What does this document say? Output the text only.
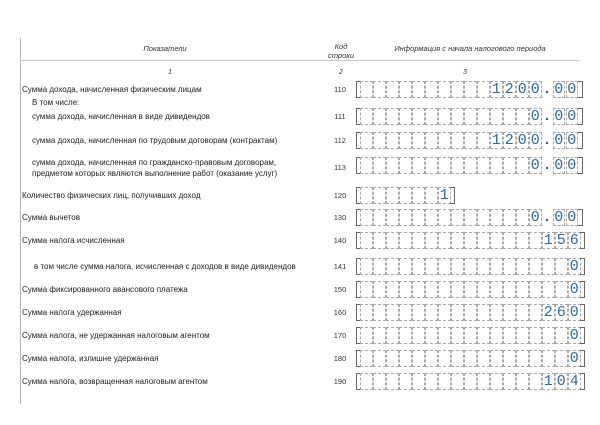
Показатели	Код строки
Информация с начала налогового периода
1	2	3
Сумма дохода, начисленная физическим лицам	110	1 2 0 0 . 0 0
В том числе:
сумма дохода, начисленная в виде дивидендов	111	0 . 0 0
сумма дохода, начисленная по трудовым договорам (контрактам)	112	1 2 0 0 . 0 0
сумма дохода, начисленная по гражданско-правовым договорам,
предметом которых являются выполнение работ (оказание услуг)
113	0 . 0 0
Количество физических лиц, получивших доход	120	1
Сумма вычетов	130	0 . 0 0
Сумма налога исчисленная	140	1 5 6
в том числе сумма налога, исчисленная с доходов в виде дивидендов	141	0
Сумма фиксированного авансового платежа	150	0
Сумма налога удержанная	160	2 6 0
Сумма налога, не удержанная налоговым агентом	170	0
Сумма налога, излишне удержанная	180	0
Сумма налога, возвращенная налоговым агентом	190	1 0 4
